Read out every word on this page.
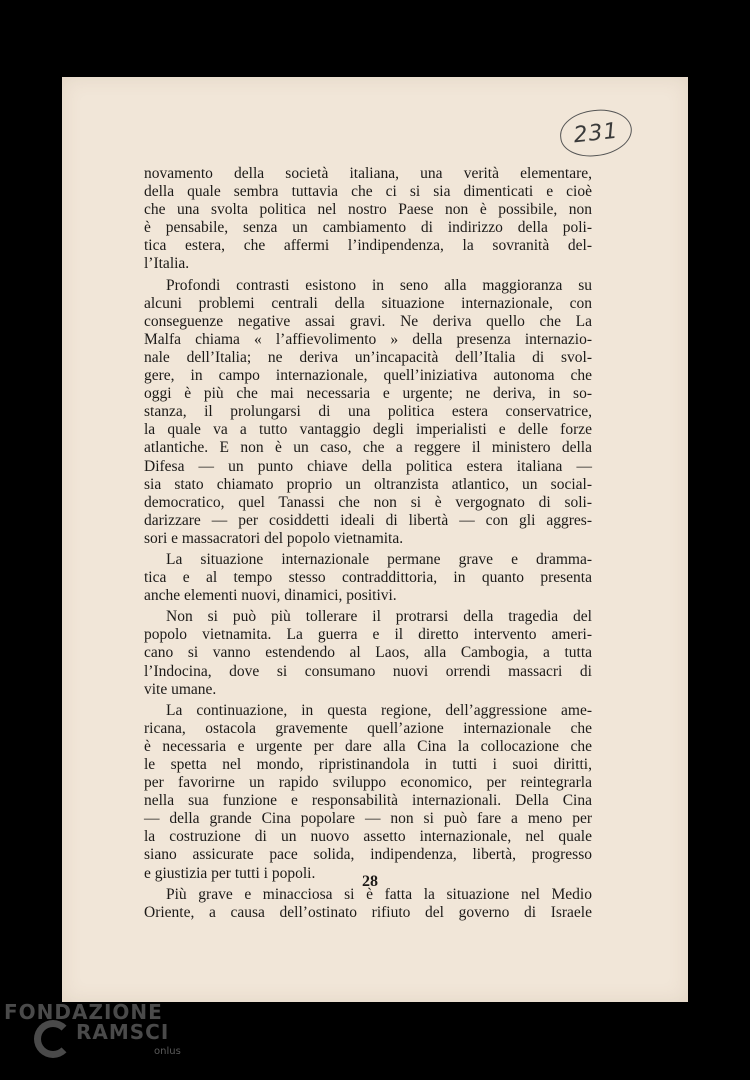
231
novamento della società italiana, una verità elementare,
della quale sembra tuttavia che ci si sia dimenticati e cioè
che una svolta politica nel nostro Paese non è possibile, non
è pensabile, senza un cambiamento di indirizzo della poli-
tica estera, che affermi l’indipendenza, la sovranità del-
l’Italia.
Profondi contrasti esistono in seno alla maggioranza su
alcuni problemi centrali della situazione internazionale, con
conseguenze negative assai gravi. Ne deriva quello che La
Malfa chiama « l’affievolimento » della presenza internazio-
nale dell’Italia; ne deriva un’incapacità dell’Italia di svol-
gere, in campo internazionale, quell’iniziativa autonoma che
oggi è più che mai necessaria e urgente; ne deriva, in so-
stanza, il prolungarsi di una politica estera conservatrice,
la quale va a tutto vantaggio degli imperialisti e delle forze
atlantiche. E non è un caso, che a reggere il ministero della
Difesa — un punto chiave della politica estera italiana —
sia stato chiamato proprio un oltranzista atlantico, un social-
democratico, quel Tanassi che non si è vergognato di soli-
darizzare — per cosiddetti ideali di libertà — con gli aggres-
sori e massacratori del popolo vietnamita.
La situazione internazionale permane grave e dramma-
tica e al tempo stesso contraddittoria, in quanto presenta
anche elementi nuovi, dinamici, positivi.
Non si può più tollerare il protrarsi della tragedia del
popolo vietnamita. La guerra e il diretto intervento ameri-
cano si vanno estendendo al Laos, alla Cambogia, a tutta
l’Indocina, dove si consumano nuovi orrendi massacri di
vite umane.
La continuazione, in questa regione, dell’aggressione ame-
ricana, ostacola gravemente quell’azione internazionale che
è necessaria e urgente per dare alla Cina la collocazione che
le spetta nel mondo, ripristinandola in tutti i suoi diritti,
per favorirne un rapido sviluppo economico, per reintegrarla
nella sua funzione e responsabilità internazionali. Della Cina
— della grande Cina popolare — non si può fare a meno per
la costruzione di un nuovo assetto internazionale, nel quale
siano assicurate pace solida, indipendenza, libertà, progresso
e giustizia per tutti i popoli.
Più grave e minacciosa si è fatta la situazione nel Medio
Oriente, a causa dell’ostinato rifiuto del governo di Israele
28
FONDAZIONE
RAMSCI
onlus
